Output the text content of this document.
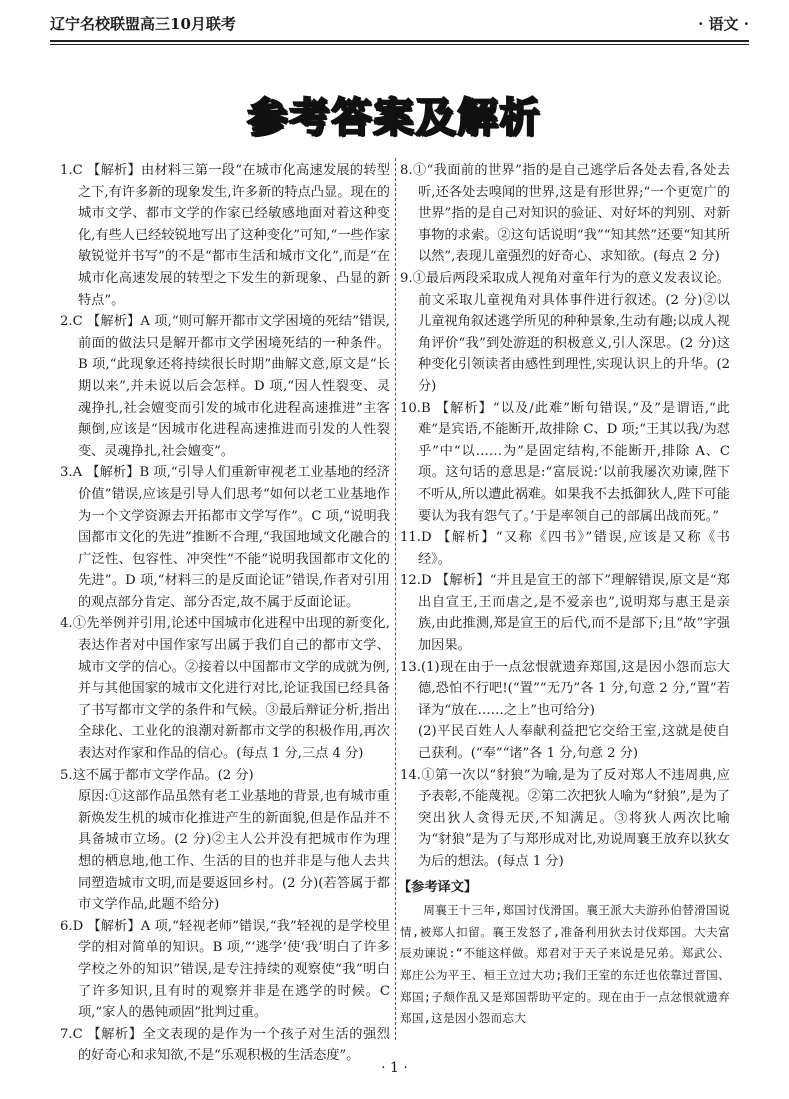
辽宁名校联盟高三10月联考	· 语文 ·
参考答案及解析

1.C 【解析】由材料三第一段“在城市化高速发展的转型之下,有许多新的现象发生,许多新的特点凸显。现在的城市文学、都市文学的作家已经敏感地面对着这种变化,有些人已经较锐地写出了这种变化”可知,“一些作家敏锐觉并书写”的不是“都市生活和城市文化”,而是“在城市化高速发展的转型之下发生的新现象、凸显的新特点”。

2.C 【解析】A 项,“则可解开都市文学困境的死结”错误,前面的做法只是解开都市文学困境死结的一种条件。B 项,“此现象还将持续很长时期”曲解文意,原文是“长期以来”,并未说以后会怎样。D 项,“因人性裂变、灵魂挣扎,社会嬗变而引发的城市化进程高速推进”主客颠倒,应该是“因城市化进程高速推进而引发的人性裂变、灵魂挣扎,社会嬗变”。

3.A 【解析】B 项,“引导人们重新审视老工业基地的经济价值”错误,应该是引导人们思考“如何以老工业基地作为一个文学资源去开拓都市文学写作”。C 项,“说明我国都市文化的先进”推断不合理,“我国地域文化融合的广泛性、包容性、冲突性”不能“说明我国都市文化的先进”。D 项,“材料三的是反面论证”错误,作者对引用的观点部分肯定、部分否定,故不属于反面论证。

4.①先举例并引用,论述中国城市化进程中出现的新变化,表达作者对中国作家写出属于我们自己的都市文学、城市文学的信心。②接着以中国都市文学的成就为例,并与其他国家的城市文化进行对比,论证我国已经具备了书写都市文学的条件和气候。③最后辩证分析,指出全球化、工业化的浪潮对新都市文学的积极作用,再次表达对作家和作品的信心。(每点 1 分,三点 4 分)

5.这不属于都市文学作品。(2 分)

原因:①这部作品虽然有老工业基地的背景,也有城市重新焕发生机的城市化推进产生的新面貌,但是作品并不具备城市立场。(2 分)②主人公并没有把城市作为理想的栖息地,他工作、生活的目的也并非是与他人去共同塑造城市文明,而是要返回乡村。(2 分)(若答属于都市文学作品,此题不给分)

6.D 【解析】A 项,“轻视老师”错误,“我”轻视的是学校里学的相对简单的知识。B 项,“‘逃学’使‘我’明白了许多学校之外的知识”错误,是专注持续的观察使“我”明白了许多知识,且有时的观察并非是在逃学的时候。C 项,“家人的愚钝顽固”批判过重。

7.C 【解析】全文表现的是作为一个孩子对生活的强烈的好奇心和求知欲,不是“乐观积极的生活态度”。

8.①“我面前的世界”指的是自己逃学后各处去看,各处去听,还各处去嗅闻的世界,这是有形世界;“一个更宽广的世界”指的是自己对知识的验证、对好坏的判别、对新事物的求索。②这句话说明“我”“知其然”还要“知其所以然”,表现儿童强烈的好奇心、求知欲。(每点 2 分)

9.①最后两段采取成人视角对童年行为的意义发表议论。前文采取儿童视角对具体事件进行叙述。(2 分)②以儿童视角叙述逃学所见的种种景象,生动有趣;以成人视角评价“我”到处游逛的积极意义,引人深思。(2 分)这种变化引领读者由感性到理性,实现认识上的升华。(2 分)

10.B 【解析】“以及/此难”断句错误,“及”是谓语,“此难”是宾语,不能断开,故排除 C、D 项;“王其以我/为怼乎”中“以……为”是固定结构,不能断开,排除 A、C 项。这句话的意思是:“富辰说:‘以前我屡次劝谏,陛下不听从,所以遭此祸难。如果我不去抵御狄人,陛下可能要认为我有怨气了。’于是率领自己的部属出战而死。”

11.D 【解析】“又称《四书》”错误,应该是又称《书经》。

12.D 【解析】“并且是宣王的部下”理解错误,原文是“郑出自宣王,王而虐之,是不爱亲也”,说明郑与惠王是亲族,由此推测,郑是宣王的后代,而不是部下;且“故”字强加因果。

13.(1)现在由于一点忿恨就遗弃郑国,这是因小怨而忘大德,恐怕不行吧!(“置”“无乃”各 1 分,句意 2 分,“置”若译为“放在……之上”也可给分)

(2)平民百姓人人奉献利益把它交给王室,这就是使自己获利。(“奉”“诸”各 1 分,句意 2 分)

14.①第一次以“豺狼”为喻,是为了反对郑人不违周典,应予表彰,不能蔑视。②第二次把狄人喻为“豺狼”,是为了突出狄人贪得无厌,不知满足。③将狄人两次比喻为“豺狼”是为了与郑形成对比,劝说周襄王放弃以狄女为后的想法。(每点 1 分)

【参考译文】
周襄王十三年,郑国讨伐滑国。襄王派大夫游孙伯替滑国说情,被郑人扣留。襄王发怒了,准备利用狄去讨伐郑国。大夫富辰劝谏说:“不能这样做。郑君对于天子来说是兄弟。郑武公、郑庄公为平王、桓王立过大功;我们王室的东迁也依靠过晋国、郑国;子颓作乱又是郑国帮助平定的。现在由于一点忿恨就遗弃郑国,这是因小怨而忘大
· 1 ·
